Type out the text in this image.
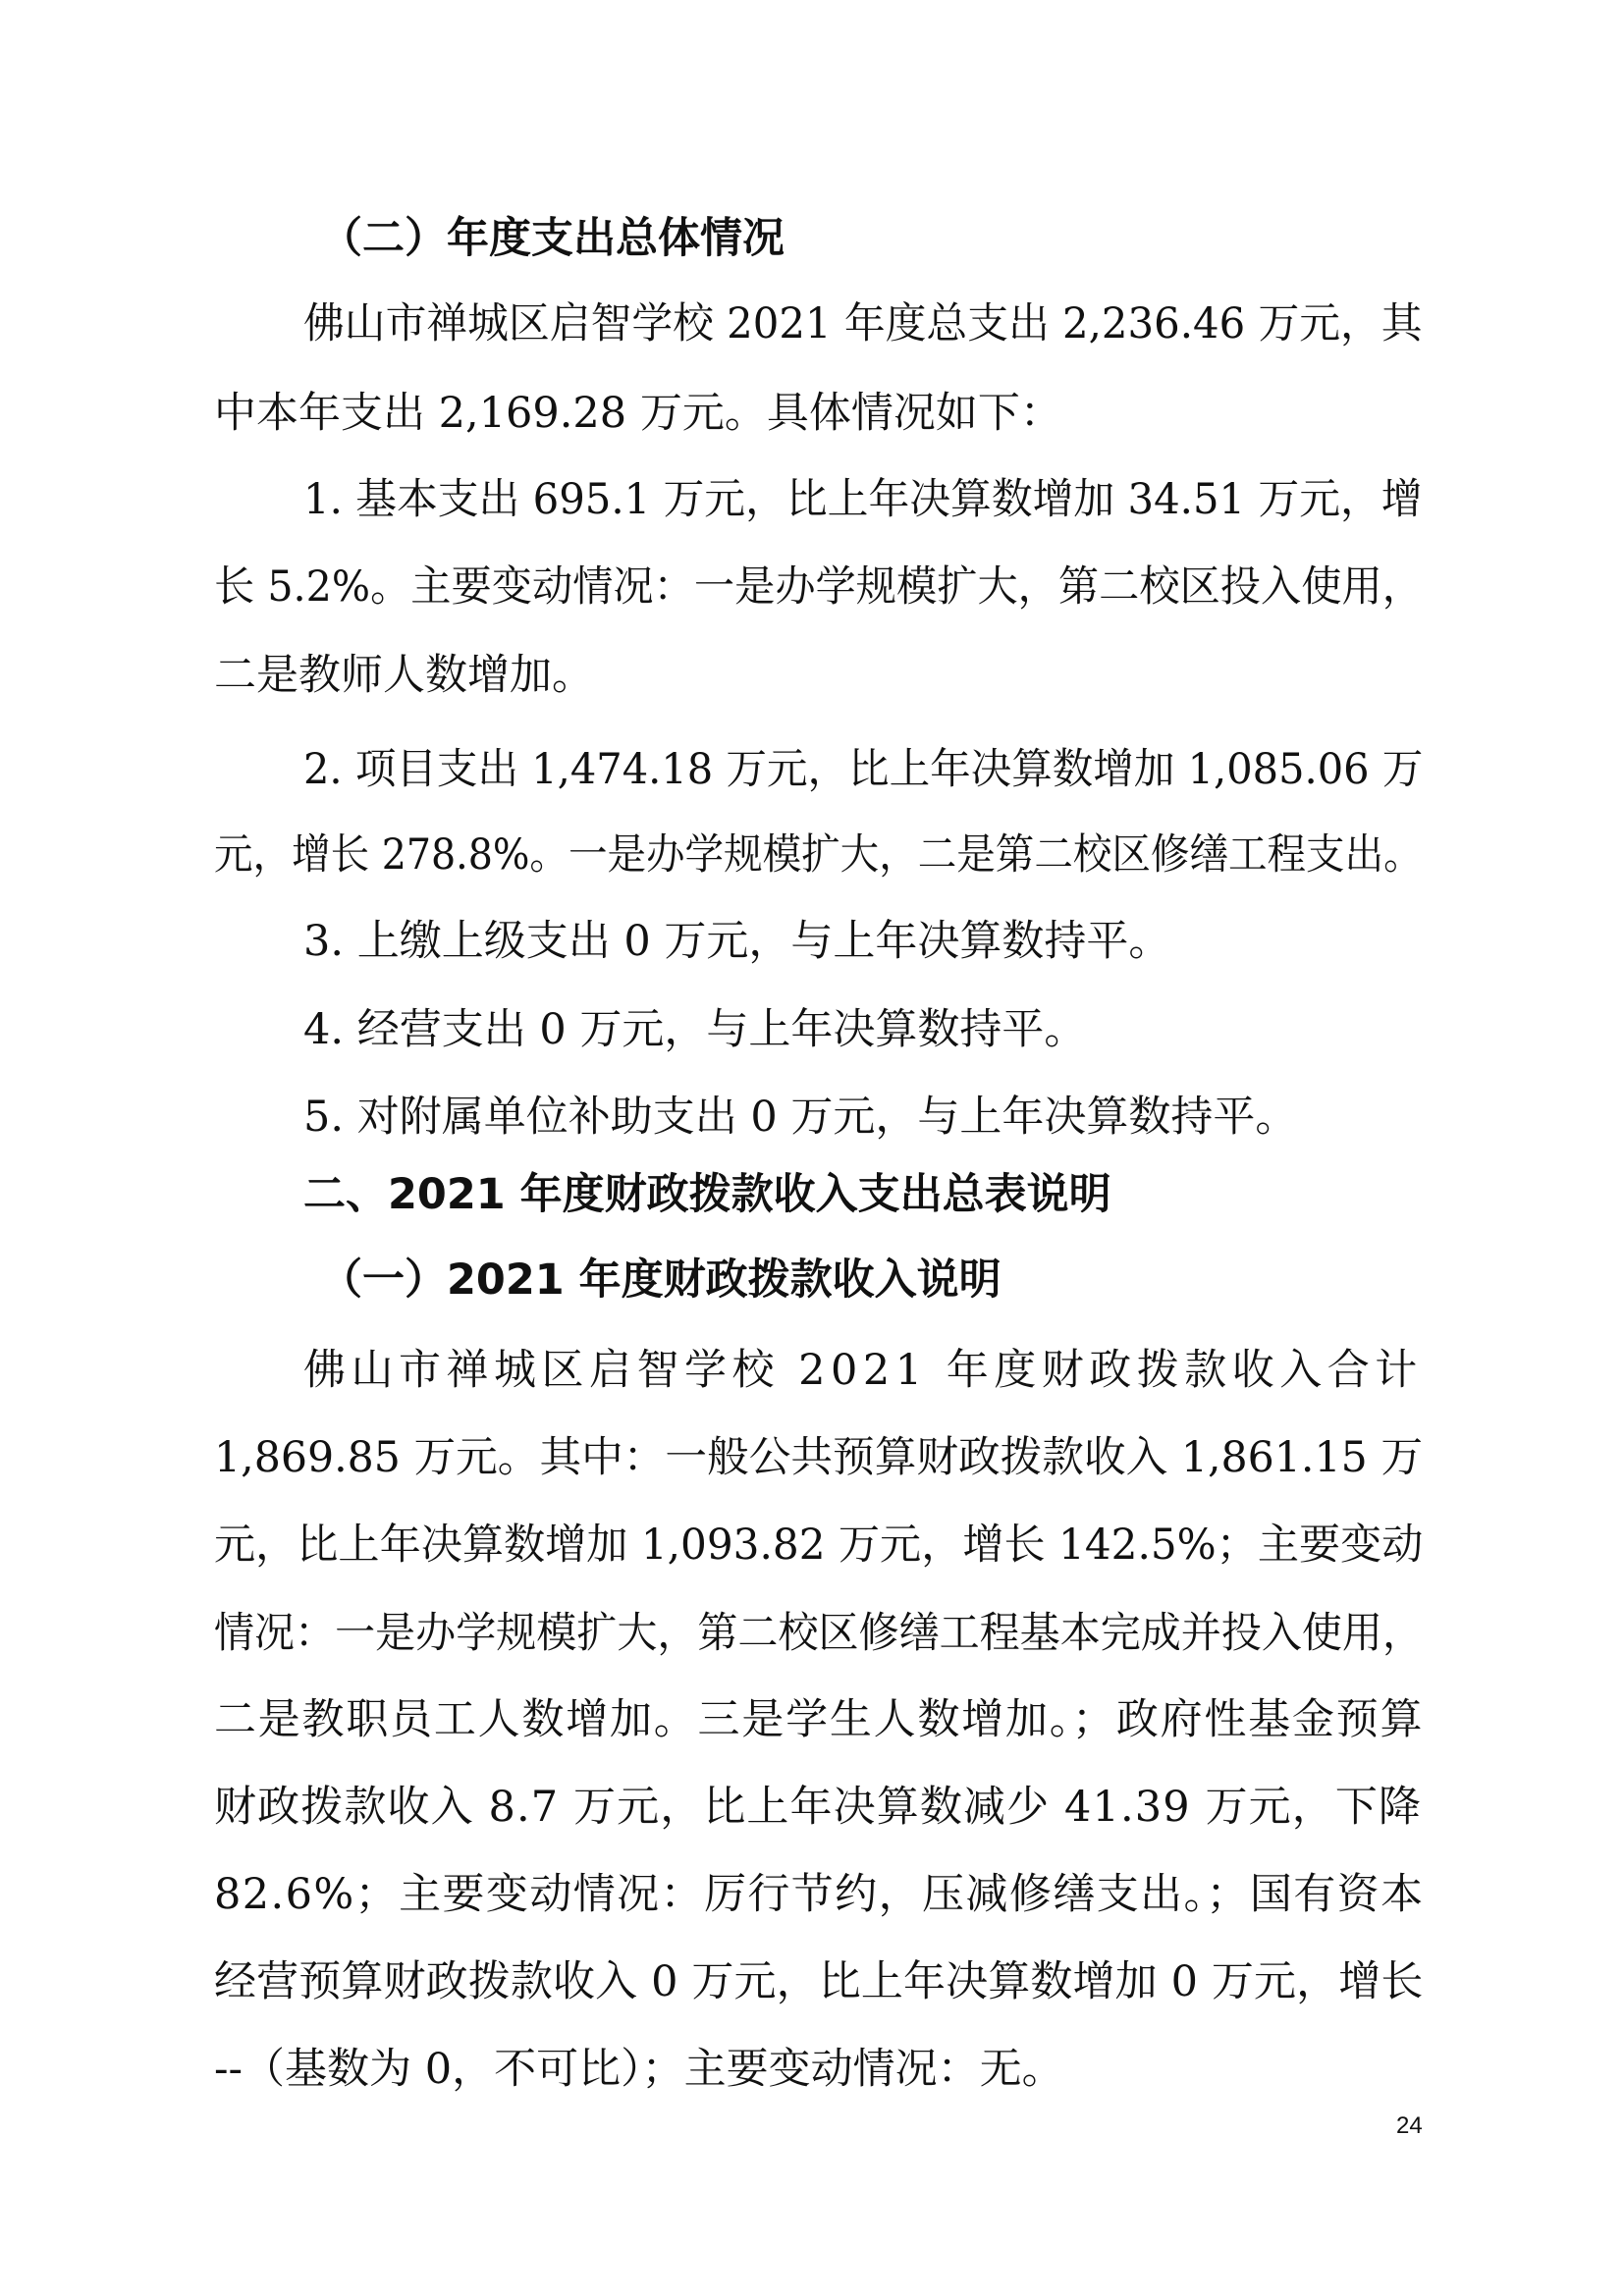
（二）年度支出总体情况
佛山市禅城区启智学校 2021 年度总支出 2,236.46 万元，其
中本年支出 2,169.28 万元。具体情况如下：
1. 基本支出 695.1 万元，比上年决算数增加 34.51 万元，增
长 5.2%。主要变动情况：一是办学规模扩大，第二校区投入使用，
二是教师人数增加。
2. 项目支出 1,474.18 万元，比上年决算数增加 1,085.06 万
元，增长 278.8%。一是办学规模扩大，二是第二校区修缮工程支出。
3. 上缴上级支出 0 万元，与上年决算数持平。
4. 经营支出 0 万元，与上年决算数持平。
5. 对附属单位补助支出 0 万元，与上年决算数持平。
二、2021 年度财政拨款收入支出总表说明
（一）2021 年度财政拨款收入说明
佛山市禅城区启智学校 2021 年度财政拨款收入合计
1,869.85 万元。其中：一般公共预算财政拨款收入 1,861.15 万
元，比上年决算数增加 1,093.82 万元，增长 142.5%；主要变动
情况：一是办学规模扩大，第二校区修缮工程基本完成并投入使用，
二是教职员工人数增加。三是学生人数增加。；政府性基金预算
财政拨款收入 8.7 万元，比上年决算数减少 41.39 万元，下降
82.6%；主要变动情况：厉行节约，压减修缮支出。；国有资本
经营预算财政拨款收入 0 万元，比上年决算数增加 0 万元，增长
--（基数为 0，不可比）；主要变动情况：无。
24
